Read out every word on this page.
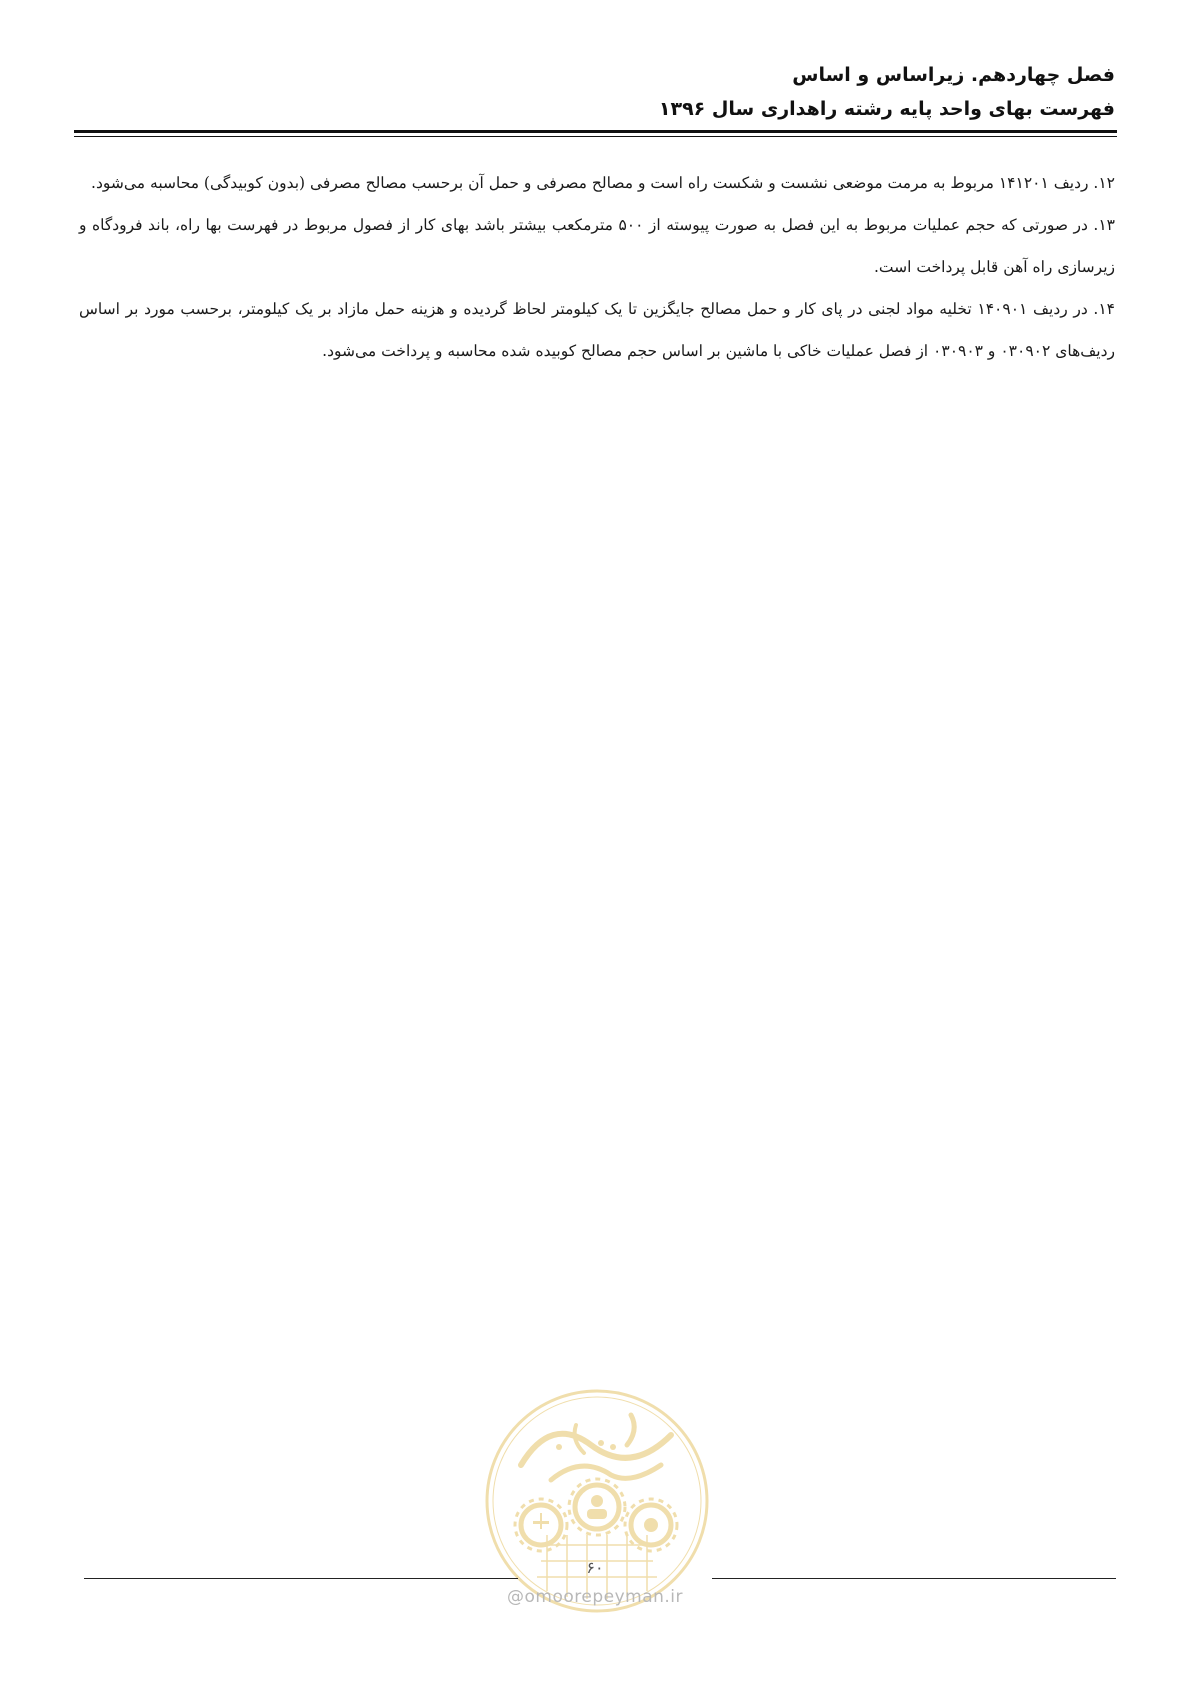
فصل چهاردهم. زیراساس و اساس
فهرست بهای واحد پایه رشته راهداری سال ۱۳۹۶

۱۲. ردیف ۱۴۱۲۰۱ مربوط به مرمت موضعی نشست و شکست راه است و مصالح مصرفی و حمل آن برحسب مصالح مصرفی (بدون کوبیدگی) محاسبه می‌شود.

۱۳. در صورتی که حجم عملیات مربوط به این فصل به صورت پیوسته از ۵۰۰ مترمکعب بیشتر باشد بهای کار از فصول مربوط در فهرست بها راه، باند فرودگاه و زیرسازی راه آهن قابل پرداخت است.

۱۴. در ردیف ۱۴۰۹۰۱ تخلیه مواد لجنی در پای کار و حمل مصالح جایگزین تا یک کیلومتر لحاظ گردیده و هزینه حمل مازاد بر یک کیلومتر، برحسب مورد بر اساس ردیف‌های ۰۳۰۹۰۲ و ۰۳۰۹۰۳ از فصل عملیات خاکی با ماشین بر اساس حجم مصالح کوبیده شده محاسبه و پرداخت می‌شود.

۶۰
@omoorepeyman.ir
